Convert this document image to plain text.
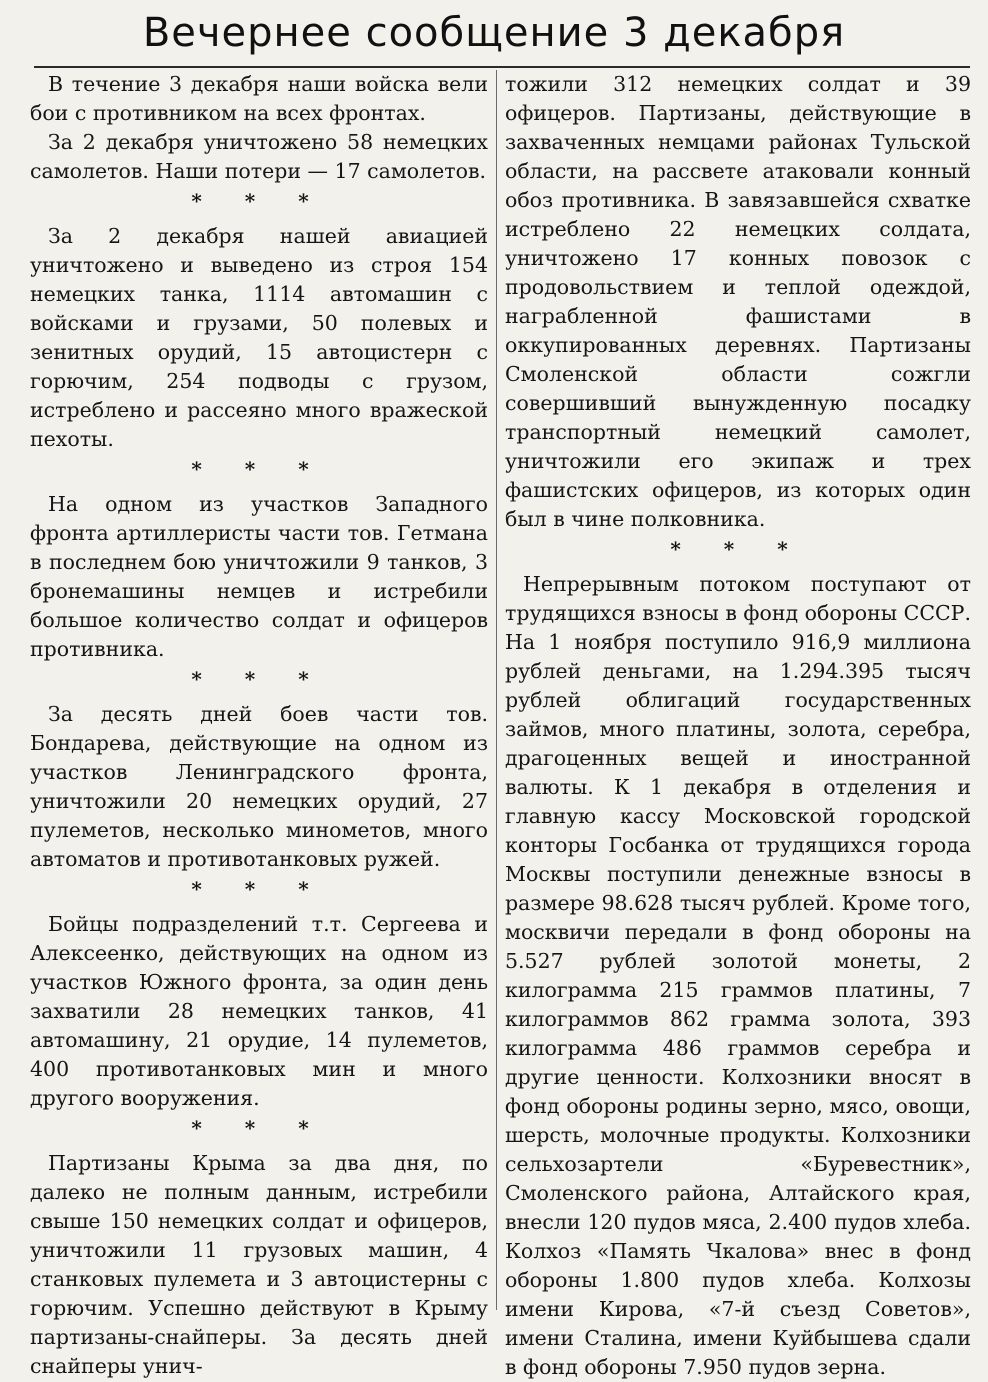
Вечернее сообщение 3 декабря

В течение 3 декабря наши войска вели бои с противником на всех фронтах.

За 2 декабря уничтожено 58 немецких самолетов. Наши потери — 17 самолетов.

* * *

За 2 декабря нашей авиацией уничтожено и выведено из строя 154 немецких танка, 1114 автомашин с войсками и грузами, 50 полевых и зенитных орудий, 15 автоцистерн с горючим, 254 подводы с грузом, истреблено и рассеяно много вражеской пехоты.

* * *

На одном из участков Западного фронта артиллеристы части тов. Гетмана в последнем бою уничтожили 9 танков, 3 бронемашины немцев и истребили большое количество солдат и офицеров противника.

* * *

За десять дней боев части тов. Бондарева, действующие на одном из участков Ленинградского фронта, уничтожили 20 немецких орудий, 27 пулеметов, несколько минометов, много автоматов и противотанковых ружей.

* * *

Бойцы подразделений т.т. Сергеева и Алексеенко, действующих на одном из участков Южного фронта, за один день захватили 28 немецких танков, 41 автомашину, 21 орудие, 14 пулеметов, 400 противотанковых мин и много другого вооружения.

* * *

Партизаны Крыма за два дня, по далеко не полным данным, истребили свыше 150 немецких солдат и офицеров, уничтожили 11 грузовых машин, 4 станковых пулемета и 3 автоцистерны с горючим. Успешно действуют в Крыму партизаны-снайперы. За десять дней снайперы унич-

тожили 312 немецких солдат и 39 офицеров. Партизаны, действующие в захваченных немцами районах Тульской области, на рассвете атаковали конный обоз противника. В завязавшейся схватке истреблено 22 немецких солдата, уничтожено 17 конных повозок с продовольствием и теплой одеждой, награбленной фашистами в оккупированных деревнях. Партизаны Смоленской области сожгли совершивший вынужденную посадку транспортный немецкий самолет, уничтожили его экипаж и трех фашистских офицеров, из которых один был в чине полковника.

* * *

Непрерывным потоком поступают от трудящихся взносы в фонд обороны СССР. На 1 ноября поступило 916,9 миллиона рублей деньгами, на 1.294.395 тысяч рублей облигаций государственных займов, много платины, золота, серебра, драгоценных вещей и иностранной валюты. К 1 декабря в отделения и главную кассу Московской городской конторы Госбанка от трудящихся города Москвы поступили денежные взносы в размере 98.628 тысяч рублей. Кроме того, москвичи передали в фонд обороны на 5.527 рублей золотой монеты, 2 килограмма 215 граммов платины, 7 килограммов 862 грамма золота, 393 килограмма 486 граммов серебра и другие ценности. Колхозники вносят в фонд обороны родины зерно, мясо, овощи, шерсть, молочные продукты. Колхозники сельхозартели «Буревестник», Смоленского района, Алтайского края, внесли 120 пудов мяса, 2.400 пудов хлеба. Колхоз «Память Чкалова» внес в фонд обороны 1.800 пудов хлеба. Колхозы имени Кирова, «7-й съезд Советов», имени Сталина, имени Куйбышева сдали в фонд обороны 7.950 пудов зерна.
